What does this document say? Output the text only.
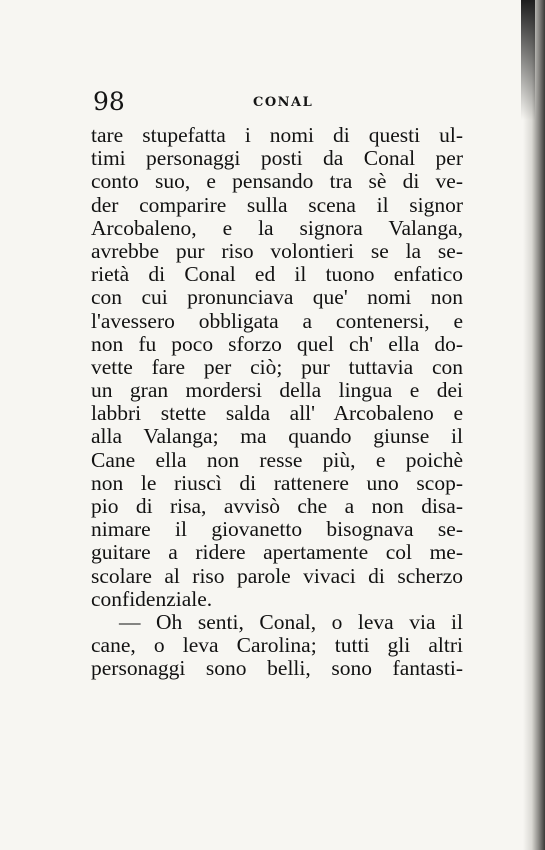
98	CONAL
tare stupefatta i nomi di questi ul-
timi personaggi posti da Conal per
conto suo, e pensando tra sè di ve-
der comparire sulla scena il signor
Arcobaleno, e la signora Valanga,
avrebbe pur riso volontieri se la se-
rietà di Conal ed il tuono enfatico
con cui pronunciava que' nomi non
l'avessero obbligata a contenersi, e
non fu poco sforzo quel ch' ella do-
vette fare per ciò; pur tuttavia con
un gran mordersi della lingua e dei
labbri stette salda all' Arcobaleno e
alla Valanga; ma quando giunse il
Cane ella non resse più, e poichè
non le riuscì di rattenere uno scop-
pio di risa, avvisò che a non disa-
nimare il giovanetto bisognava se-
guitare a ridere apertamente col me-
scolare al riso parole vivaci di scherzo
confidenziale.
— Oh senti, Conal, o leva via il
cane, o leva Carolina; tutti gli altri
personaggi sono belli, sono fantasti-
